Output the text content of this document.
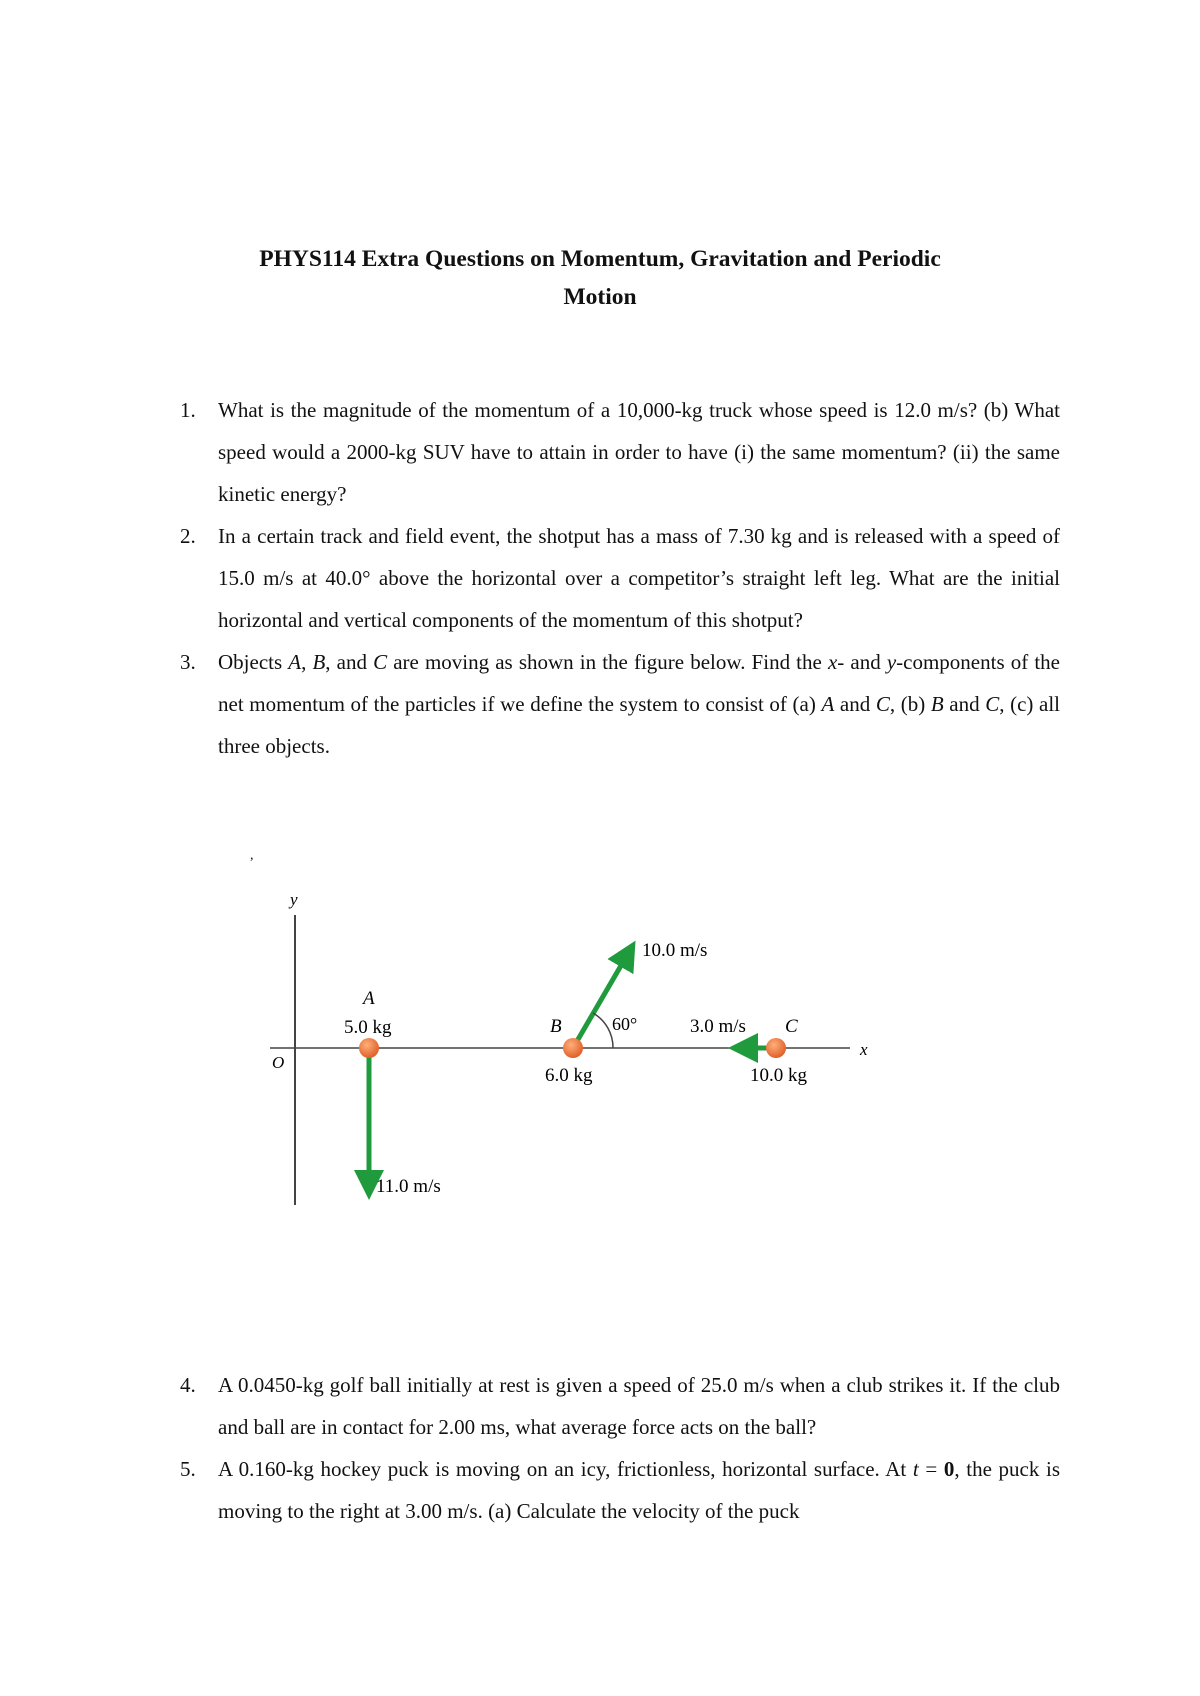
PHYS114 Extra Questions on Momentum, Gravitation and Periodic
Motion
1.	What is the magnitude of the momentum of a 10,000-kg truck whose speed is 12.0 m/s? (b) What speed would a 2000-kg SUV have to attain in order to have (i) the same momentum? (ii) the same kinetic energy?
2.	In a certain track and field event, the shotput has a mass of 7.30 kg and is released with a speed of 15.0 m/s at 40.0° above the horizontal over a competitor’s straight left leg. What are the initial horizontal and vertical components of the momentum of this shotput?
3.	Objects A, B, and C are moving as shown in the figure below. Find the x- and y-components of the net momentum of the particles if we define the system to consist of (a) A and C, (b) B and C, (c) all three objects.
,
y
x
O
A
5.0 kg
11.0 m/s
B	60°
10.0 m/s
6.0 kg
C
3.0 m/s
10.0 kg
4.	A 0.0450-kg golf ball initially at rest is given a speed of 25.0 m/s when a club strikes it. If the club and ball are in contact for 2.00 ms, what average force acts on the ball?
5.	A 0.160-kg hockey puck is moving on an icy, frictionless, horizontal surface. At t = 0, the puck is moving to the right at 3.00 m/s. (a) Calculate the velocity of the puck
